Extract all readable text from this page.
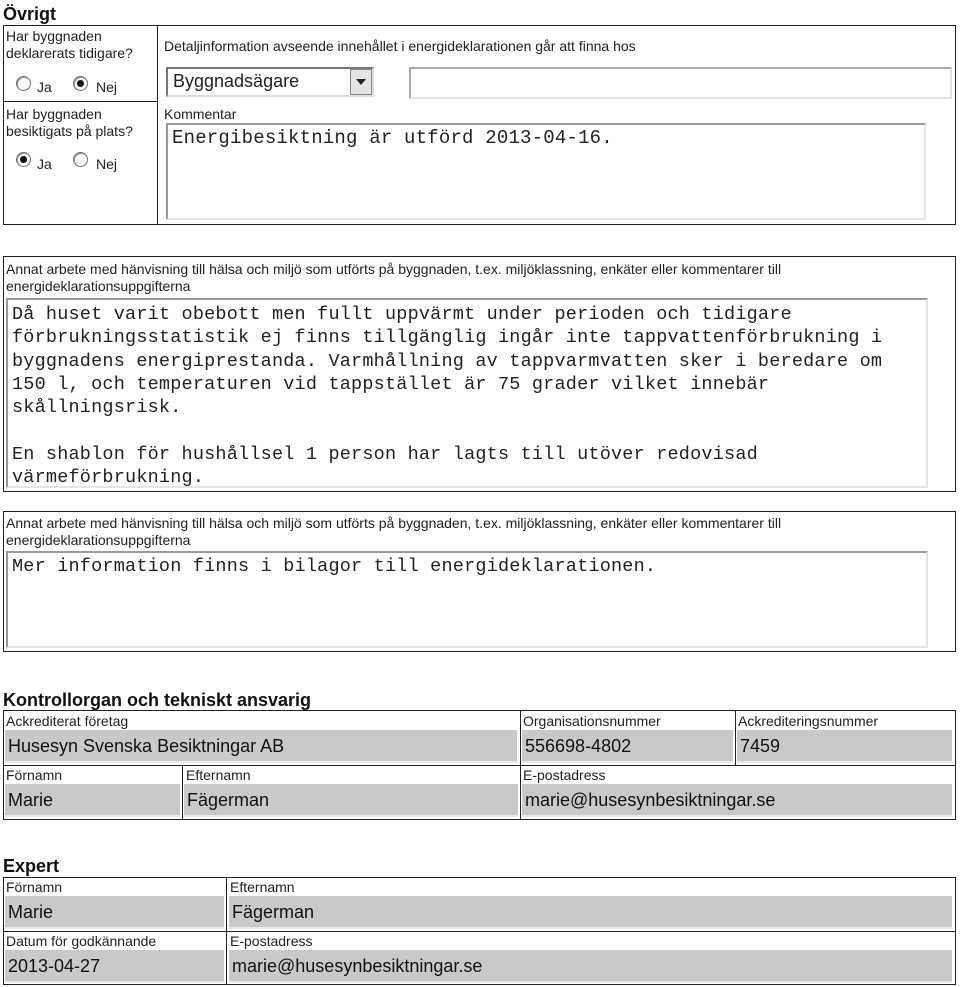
Övrigt
Har byggnaden deklarerats tidigare?
Ja	Nej
Har byggnaden besiktigats på plats?
Ja	Nej
Detaljinformation avseende innehållet i energideklarationen går att finna hos
Byggnadsägare
Kommentar
Energibesiktning är utförd 2013-04-16.
Annat arbete med hänvisning till hälsa och miljö som utförts på byggnaden, t.ex. miljöklassning, enkäter eller kommentarer till energideklarationsuppgifterna
Då huset varit obebott men fullt uppvärmt under perioden och tidigare förbrukningsstatistik ej finns tillgänglig ingår inte tappvattenförbrukning i byggnadens energiprestanda. Varmhållning av tappvarmvatten sker i beredare om 150 l, och temperaturen vid tappstället är 75 grader vilket innebär skållningsrisk.

En shablon för hushållsel 1 person har lagts till utöver redovisad värmeförbrukning.
Annat arbete med hänvisning till hälsa och miljö som utförts på byggnaden, t.ex. miljöklassning, enkäter eller kommentarer till energideklarationsuppgifterna
Mer information finns i bilagor till energideklarationen.
Kontrollorgan och tekniskt ansvarig
Ackrediterat företag
Husesyn Svenska Besiktningar AB
Organisationsnummer
556698-4802
Ackrediteringsnummer
7459
Förnamn
Marie
Efternamn
Fägerman
E-postadress
marie@husesynbesiktningar.se
Expert
Förnamn
Marie
Efternamn
Fägerman
Datum för godkännande
2013-04-27
E-postadress
marie@husesynbesiktningar.se
